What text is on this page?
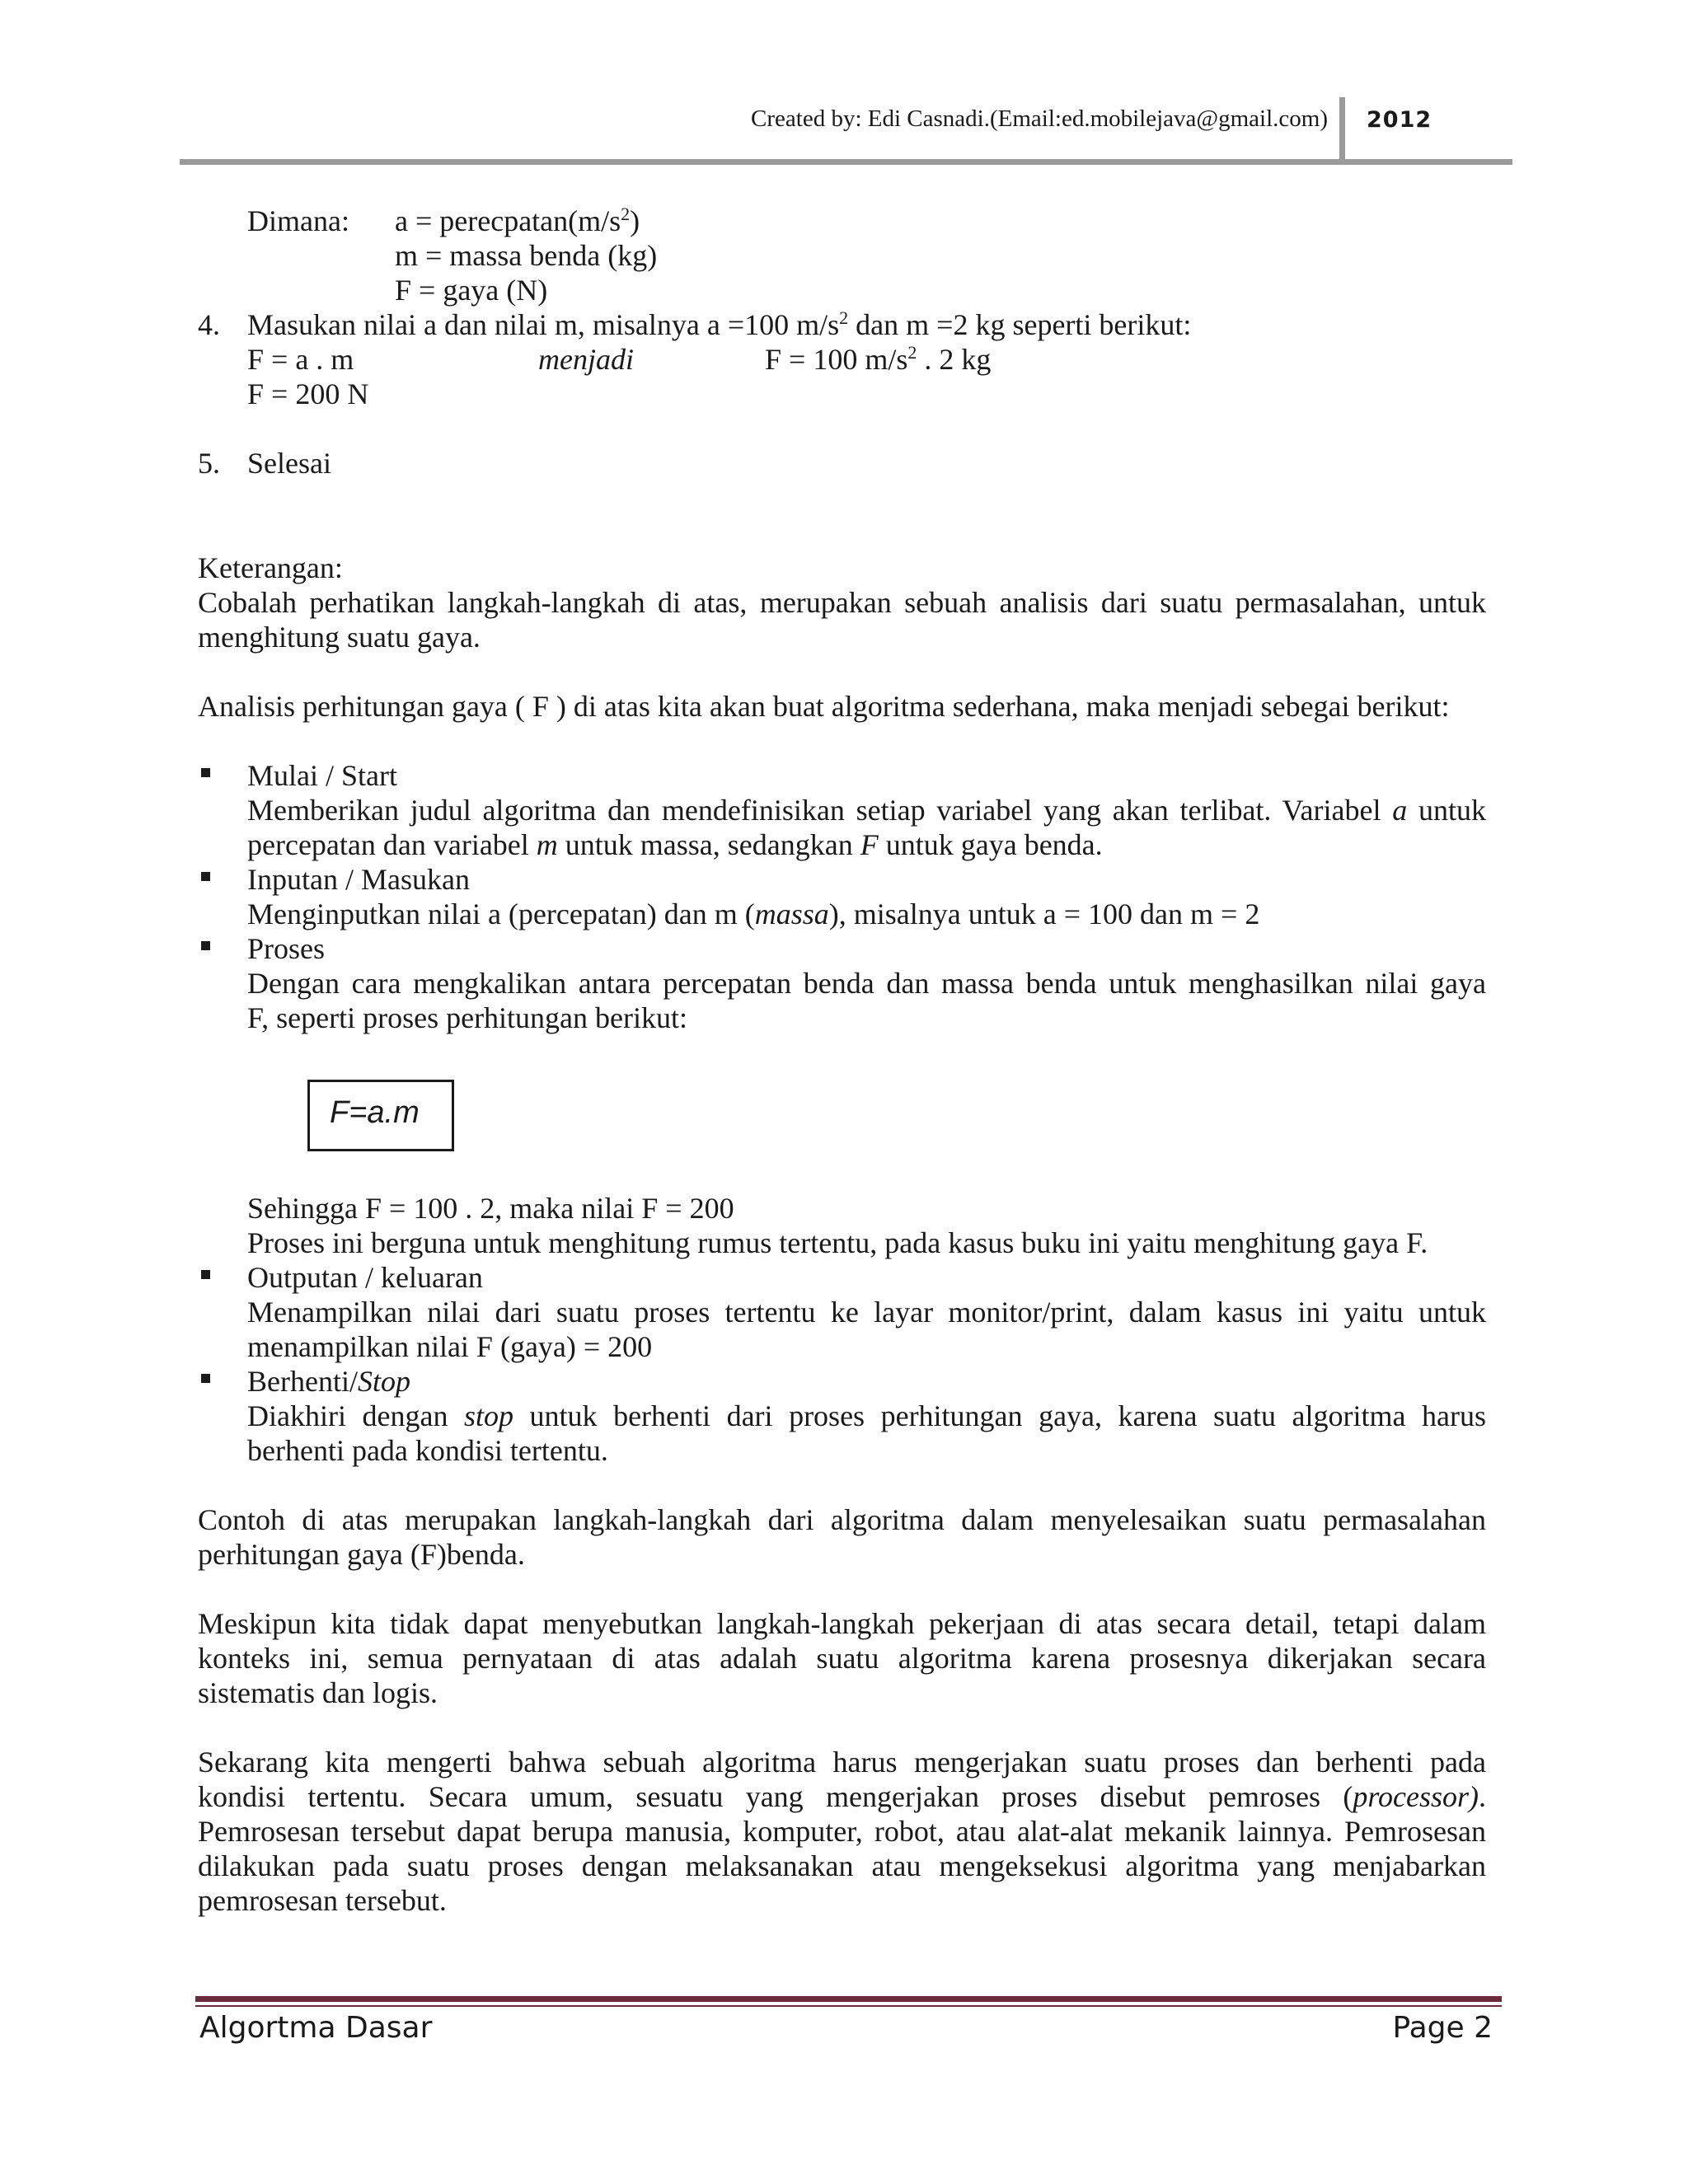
Created by: Edi Casnadi.(Email:ed.mobilejava@gmail.com) 2012
Dimana: $a = perecpatan(m/s^2)$
m = massa benda (kg)
F = gaya (N)
4. Masukan nilai a dan nilai m, misalnya a =100 $m/s^2$ dan m =2 kg seperti berikut:
F = a . m	menjadi	F = 100 $m/s^2$ . 2 kg
F = 200 N
5. Selesai
Keterangan:
Cobalah perhatikan langkah-langkah di atas, merupakan sebuah analisis dari suatu permasalahan, untuk
menghitung suatu gaya.
Analisis perhitungan gaya ( F ) di atas kita akan buat algoritma sederhana, maka menjadi sebegai berikut:
Mulai / Start
Memberikan judul algoritma dan mendefinisikan setiap variabel yang akan terlibat. Variabel a untuk
percepatan dan variabel m untuk massa, sedangkan F untuk gaya benda.
Inputan / Masukan
Menginputkan nilai a (percepatan) dan m (massa), misalnya untuk a = 100 dan m = 2
Proses
Dengan cara mengkalikan antara percepatan benda dan massa benda untuk menghasilkan nilai gaya
F, seperti proses perhitungan berikut:
F=a.m
Sehingga F = 100 . 2, maka nilai F = 200
Proses ini berguna untuk menghitung rumus tertentu, pada kasus buku ini yaitu menghitung gaya F.
Outputan / keluaran
Menampilkan nilai dari suatu proses tertentu ke layar monitor/print, dalam kasus ini yaitu untuk
menampilkan nilai F (gaya) = 200
Berhenti/Stop
Diakhiri dengan stop untuk berhenti dari proses perhitungan gaya, karena suatu algoritma harus
berhenti pada kondisi tertentu.
Contoh di atas merupakan langkah-langkah dari algoritma dalam menyelesaikan suatu permasalahan
perhitungan gaya (F)benda.
Meskipun kita tidak dapat menyebutkan langkah-langkah pekerjaan di atas secara detail, tetapi dalam
konteks ini, semua pernyataan di atas adalah suatu algoritma karena prosesnya dikerjakan secara
sistematis dan logis.
Sekarang kita mengerti bahwa sebuah algoritma harus mengerjakan suatu proses dan berhenti pada
kondisi tertentu. Secara umum, sesuatu yang mengerjakan proses disebut pemroses (processor).
Pemrosesan tersebut dapat berupa manusia, komputer, robot, atau alat-alat mekanik lainnya. Pemrosesan
dilakukan pada suatu proses dengan melaksanakan atau mengeksekusi algoritma yang menjabarkan
pemrosesan tersebut.
Algortma Dasar	Page 2
